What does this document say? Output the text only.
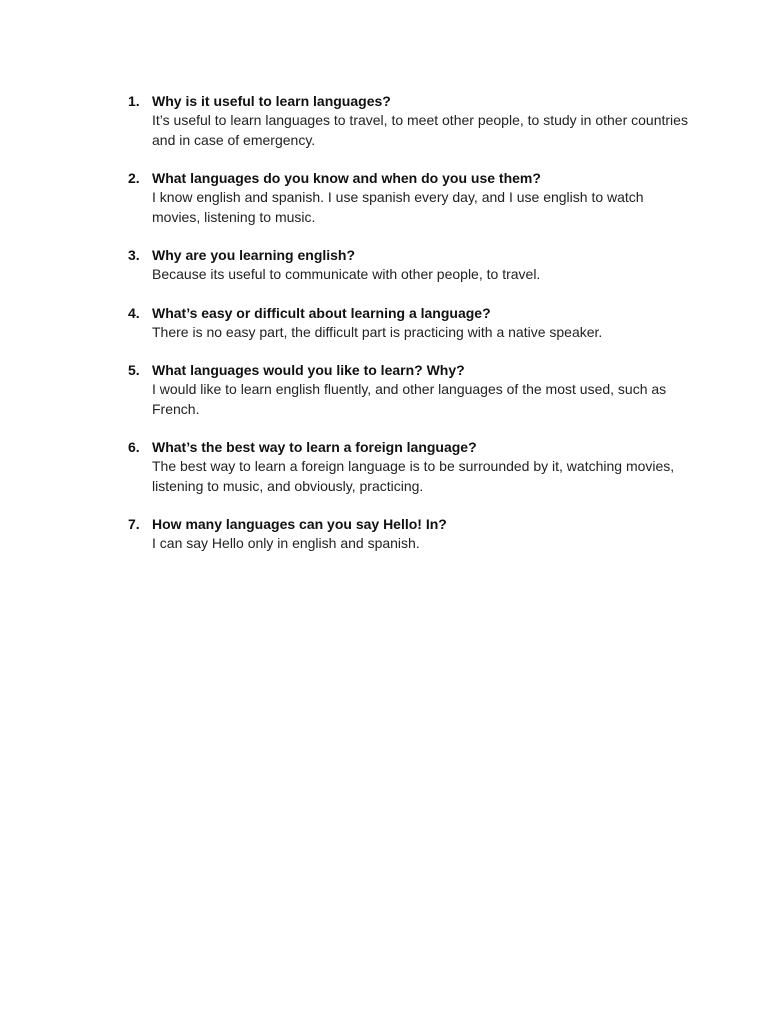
1. Why is it useful to learn languages?
It’s useful to learn languages to travel, to meet other people, to study in other countries and in case of emergency.
2. What languages do you know and when do you use them?
I know english and spanish. I use spanish every day, and I use english to watch movies, listening to music.
3. Why are you learning english?
Because its useful to communicate with other people, to travel.
4. What’s easy or difficult about learning a language?
There is no easy part, the difficult part is practicing with a native speaker.
5. What languages would you like to learn? Why?
I would like to learn english fluently, and other languages of the most used, such as French.
6. What’s the best way to learn a foreign language?
The best way to learn a foreign language is to be surrounded by it, watching movies, listening to music, and obviously, practicing.
7. How many languages can you say Hello! In?
I can say Hello only in english and spanish.
